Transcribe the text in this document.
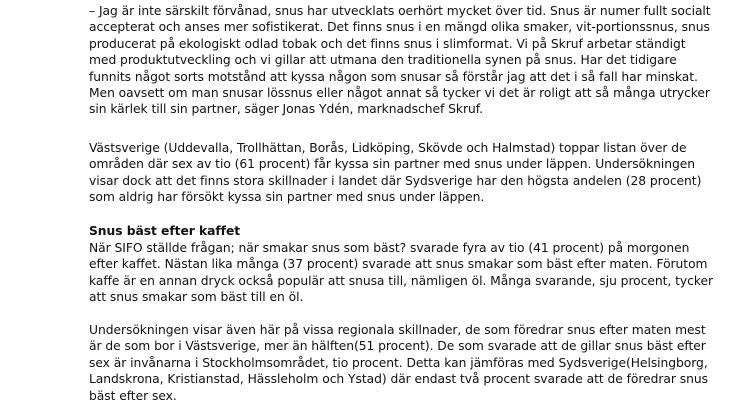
– Jag är inte särskilt förvånad, snus har utvecklats oerhört mycket över tid. Snus är numer fullt socialt
accepterat och anses mer sofistikerat. Det finns snus i en mängd olika smaker, vit-portionssnus, snus
producerat på ekologiskt odlad tobak och det finns snus i slimformat. Vi på Skruf arbetar ständigt
med produktutveckling och vi gillar att utmana den traditionella synen på snus. Har det tidigare
funnits något sorts motstånd att kyssa någon som snusar så förstår jag att det i så fall har minskat.
Men oavsett om man snusar lössnus eller något annat så tycker vi det är roligt att så många utrycker
sin kärlek till sin partner, säger Jonas Ydén, marknadschef Skruf.
Västsverige (Uddevalla, Trollhättan, Borås, Lidköping, Skövde och Halmstad) toppar listan över de
områden där sex av tio (61 procent) får kyssa sin partner med snus under läppen. Undersökningen
visar dock att det finns stora skillnader i landet där Sydsverige har den högsta andelen (28 procent)
som aldrig har försökt kyssa sin partner med snus under läppen.
Snus bäst efter kaffet
När SIFO ställde frågan; när smakar snus som bäst? svarade fyra av tio (41 procent) på morgonen
efter kaffet. Nästan lika många (37 procent) svarade att snus smakar som bäst efter maten. Förutom
kaffe är en annan dryck också populär att snusa till, nämligen öl. Många svarande, sju procent, tycker
att snus smakar som bäst till en öl.
Undersökningen visar även här på vissa regionala skillnader, de som föredrar snus efter maten mest
är de som bor i Västsverige, mer än hälften(51 procent). De som svarade att de gillar snus bäst efter
sex är invånarna i Stockholmsområdet, tio procent. Detta kan jämföras med Sydsverige(Helsingborg,
Landskrona, Kristianstad, Hässleholm och Ystad) där endast två procent svarade att de föredrar snus
bäst efter sex.
